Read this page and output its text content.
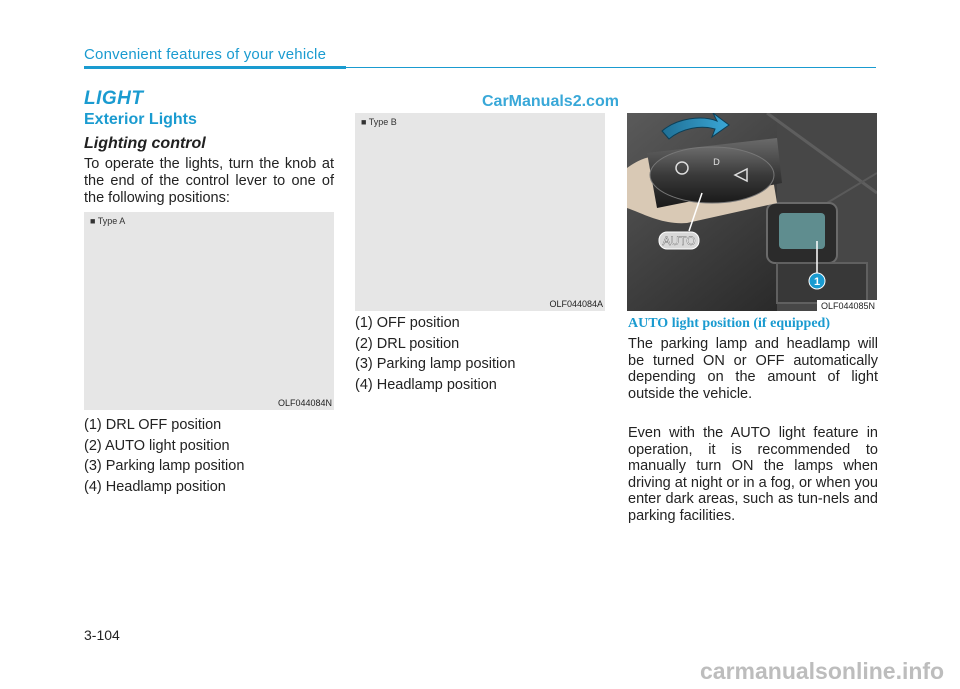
Convenient features of your vehicle
LIGHT	CarManuals2.com
Exterior Lights
Lighting control
To operate the lights, turn the knob at the end of the control lever to one of the following positions:
■ Type A
OLF044084N
(1) DRL OFF position
(2) AUTO light position
(3) Parking lamp position
(4) Headlamp position
■ Type B
OLF044084A
(1) OFF position
(2) DRL position
(3) Parking lamp position
(4) Headlamp position
D
AUTO
1
OLF044085N
AUTO light position (if equipped)
The parking lamp and headlamp will be turned ON or OFF automatically depending on the amount of light outside the vehicle.
Even with the AUTO light feature in operation, it is recommended to manually turn ON the lamps when driving at night or in a fog, or when you enter dark areas, such as tun-nels and parking facilities.
3-104
carmanualsonline.info
